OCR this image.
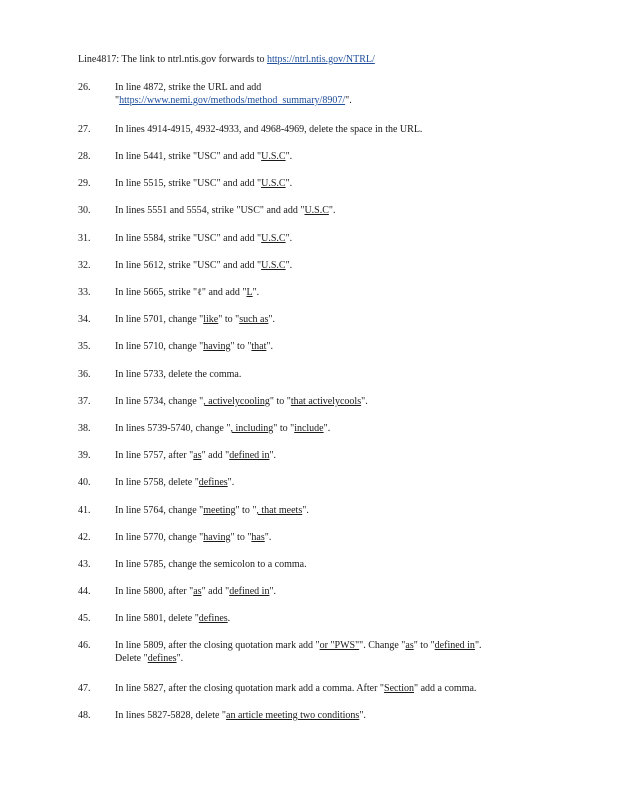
Line4817: The link to ntrl.ntis.gov forwards to https://ntrl.ntis.gov/NTRL/
26.	In line 4872, strike the URL and add
"https://www.nemi.gov/methods/method_summary/8907/".
27.	In lines 4914-4915, 4932-4933, and 4968-4969, delete the space in the URL.
28.	In line 5441, strike "USC" and add "U.S.C".
29.	In line 5515, strike "USC" and add "U.S.C".
30.	In lines 5551 and 5554, strike "USC" and add "U.S.C".
31.	In line 5584, strike "USC" and add "U.S.C".
32.	In line 5612, strike "USC" and add "U.S.C".
33.	In line 5665, strike "ℓ" and add "L".
34.	In line 5701, change "like" to "such as".
35.	In line 5710, change "having" to "that".
36.	In line 5733, delete the comma.
37.	In line 5734, change ", activelycooling" to "that activelycools".
38.	In lines 5739-5740, change ", including" to "include".
39.	In line 5757, after "as" add "defined in".
40.	In line 5758, delete "defines".
41.	In line 5764, change "meeting" to ", that meets".
42.	In line 5770, change "having" to "has".
43.	In line 5785, change the semicolon to a comma.
44.	In line 5800, after "as" add "defined in".
45.	In line 5801, delete "defines.
46.	In line 5809, after the closing quotation mark add "or "PWS"". Change "as" to "defined in".
Delete "defines".
47.	In line 5827, after the closing quotation mark add a comma. After "Section" add a comma.
48.	In lines 5827-5828, delete "an article meeting two conditions".
